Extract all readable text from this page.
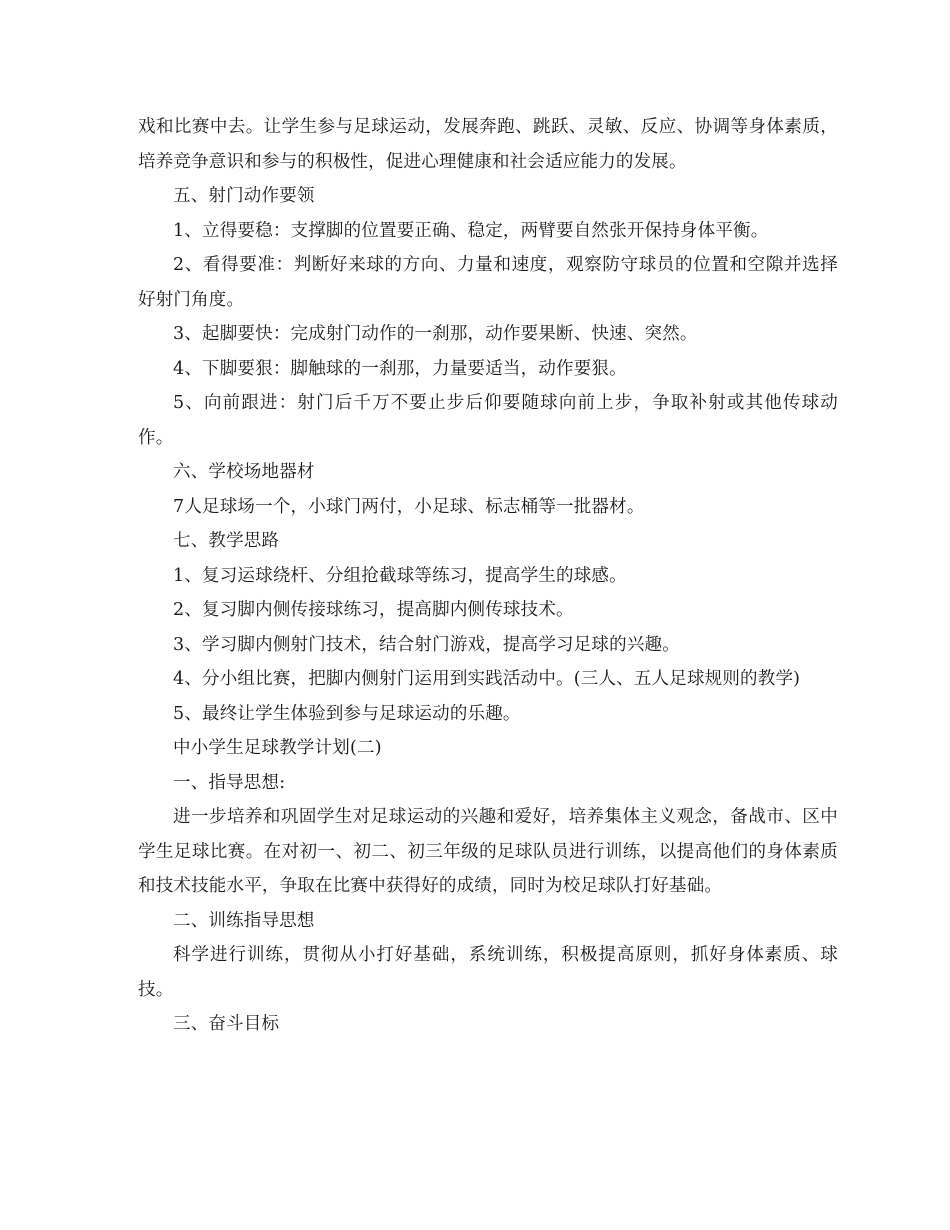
戏和比赛中去。让学生参与足球运动，发展奔跑、跳跃、灵敏、反应、协调等身体素质，培养竞争意识和参与的积极性，促进心理健康和社会适应能力的发展。

五、射门动作要领

1、立得要稳：支撑脚的位置要正确、稳定，两臂要自然张开保持身体平衡。

2、看得要准：判断好来球的方向、力量和速度，观察防守球员的位置和空隙并选择好射门角度。

3、起脚要快：完成射门动作的一刹那，动作要果断、快速、突然。

4、下脚要狠：脚触球的一刹那，力量要适当，动作要狠。

5、向前跟进：射门后千万不要止步后仰要随球向前上步，争取补射或其他传球动作。

六、学校场地器材

7人足球场一个，小球门两付，小足球、标志桶等一批器材。

七、教学思路

1、复习运球绕杆、分组抢截球等练习，提高学生的球感。

2、复习脚内侧传接球练习，提高脚内侧传球技术。

3、学习脚内侧射门技术，结合射门游戏，提高学习足球的兴趣。

4、分小组比赛，把脚内侧射门运用到实践活动中。(三人、五人足球规则的教学)

5、最终让学生体验到参与足球运动的乐趣。

中小学生足球教学计划(二)

一、指导思想:

进一步培养和巩固学生对足球运动的兴趣和爱好，培养集体主义观念，备战市、区中学生足球比赛。在对初一、初二、初三年级的足球队员进行训练，以提高他们的身体素质和技术技能水平，争取在比赛中获得好的成绩，同时为校足球队打好基础。

二、训练指导思想

科学进行训练，贯彻从小打好基础，系统训练，积极提高原则，抓好身体素质、球技。

三、奋斗目标
